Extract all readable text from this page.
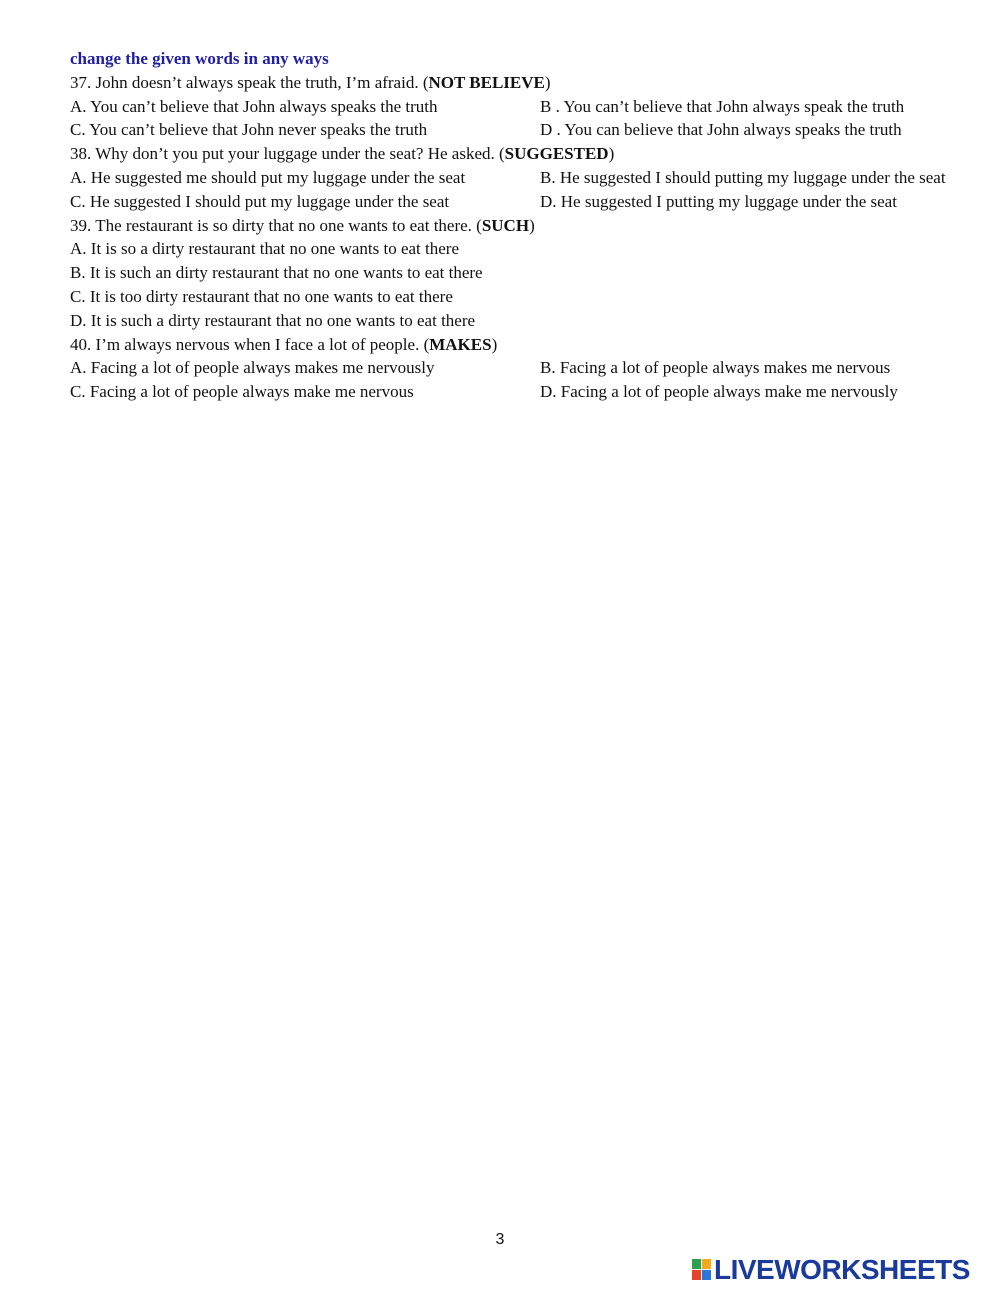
change the given words in any ways
37. John doesn’t always speak the truth, I’m afraid. (NOT BELIEVE)
A. You can’t believe that John always speaks the truth	B . You can’t believe that John always speak the truth
C. You can’t believe that John never speaks the truth	D . You can believe that John always speaks the truth
38. Why don’t you put your luggage under the seat? He asked. (SUGGESTED)
A. He suggested me should put my luggage under the seat	B. He suggested I should putting my luggage under the seat
C. He suggested I should put my luggage under the seat	D. He suggested I putting my luggage under the seat
39. The restaurant is so dirty that no one wants to eat there. (SUCH)
A. It is so a dirty restaurant that no one wants to eat there
B. It is such an dirty restaurant that no one wants to eat there
C. It is too dirty restaurant that no one wants to eat there
D. It is such a dirty restaurant that no one wants to eat there
40. I’m always nervous when I face a lot of people. (MAKES)
A. Facing a lot of people always makes me nervously	B. Facing a lot of people always makes me nervous
C. Facing a lot of people always make me nervous	D. Facing a lot of people always make me nervously
3
LIVEWORKSHEETS
